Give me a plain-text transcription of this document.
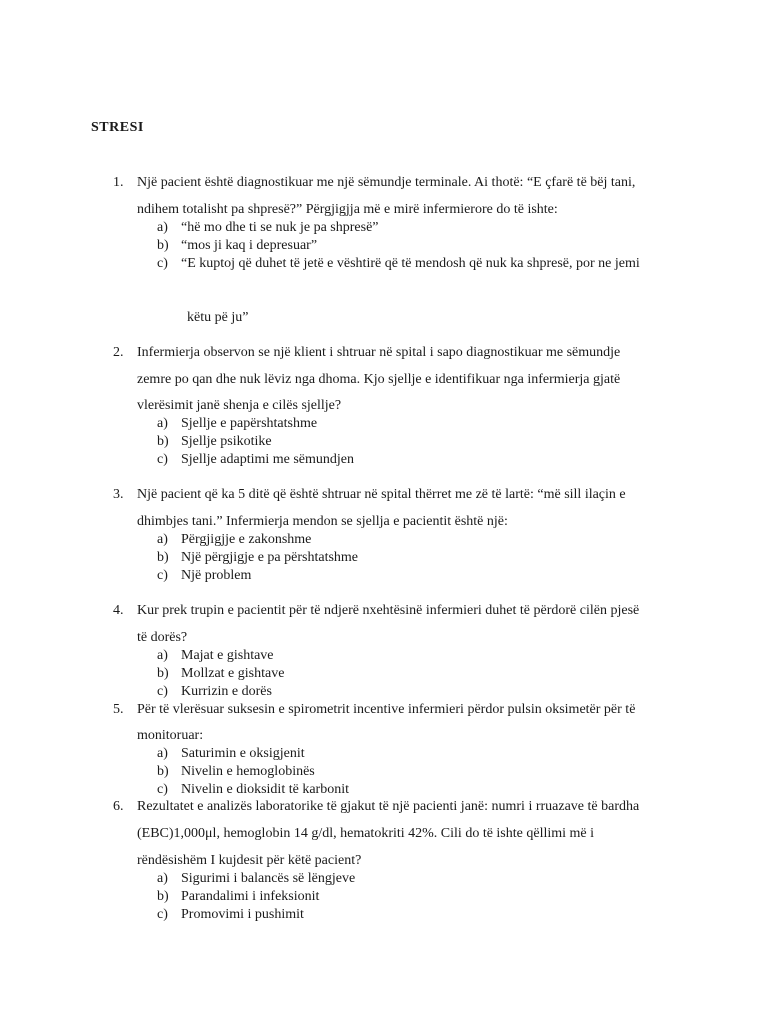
STRESI
1. Një pacient është diagnostikuar me një sëmundje terminale. Ai thotë: “E çfarë të bëj tani,
ndihem totalisht pa shpresë?” Përgjigjja më e mirë infermierore do të ishte:
a) “hë mo dhe ti se nuk je pa shpresë”
b) “mos ji kaq i depresuar”
c) “E kuptoj që duhet të jetë e vështirë që të mendosh që nuk ka shpresë, por ne jemi
këtu pë ju”
2. Infermierja observon se një klient i shtruar në spital i sapo diagnostikuar me sëmundje
zemre po qan dhe nuk lëviz nga dhoma. Kjo sjellje e identifikuar nga infermierja gjatë
vlerësimit janë shenja e cilës sjellje?
a) Sjellje e papërshtatshme
b) Sjellje psikotike
c) Sjellje adaptimi me sëmundjen
3. Një pacient që ka 5 ditë që është shtruar në spital thërret me zë të lartë: “më sill ilaçin e
dhimbjes tani.” Infermierja mendon se sjellja e pacientit është një:
a) Përgjigjje e zakonshme
b) Një përgjigje e pa përshtatshme
c) Një problem
4. Kur prek trupin e pacientit për të ndjerë nxehtësinë infermieri duhet të përdorë cilën pjesë
të dorës?
a) Majat e gishtave
b) Mollzat e gishtave
c) Kurrizin e dorës
5. Për të vlerësuar suksesin e spirometrit incentive infermieri përdor pulsin oksimetër për të
monitoruar:
a) Saturimin e oksigjenit
b) Nivelin e hemoglobinës
c) Nivelin e dioksidit të karbonit
6. Rezultatet e analizës laboratorike të gjakut të një pacienti janë: numri i rruazave të bardha
(EBC)1,000μl, hemoglobin 14 g/dl, hematokriti 42%. Cili do të ishte qëllimi më i
rëndësishëm I kujdesit për këtë pacient?
a) Sigurimi i balancës së lëngjeve
b) Parandalimi i infeksionit
c) Promovimi i pushimit
